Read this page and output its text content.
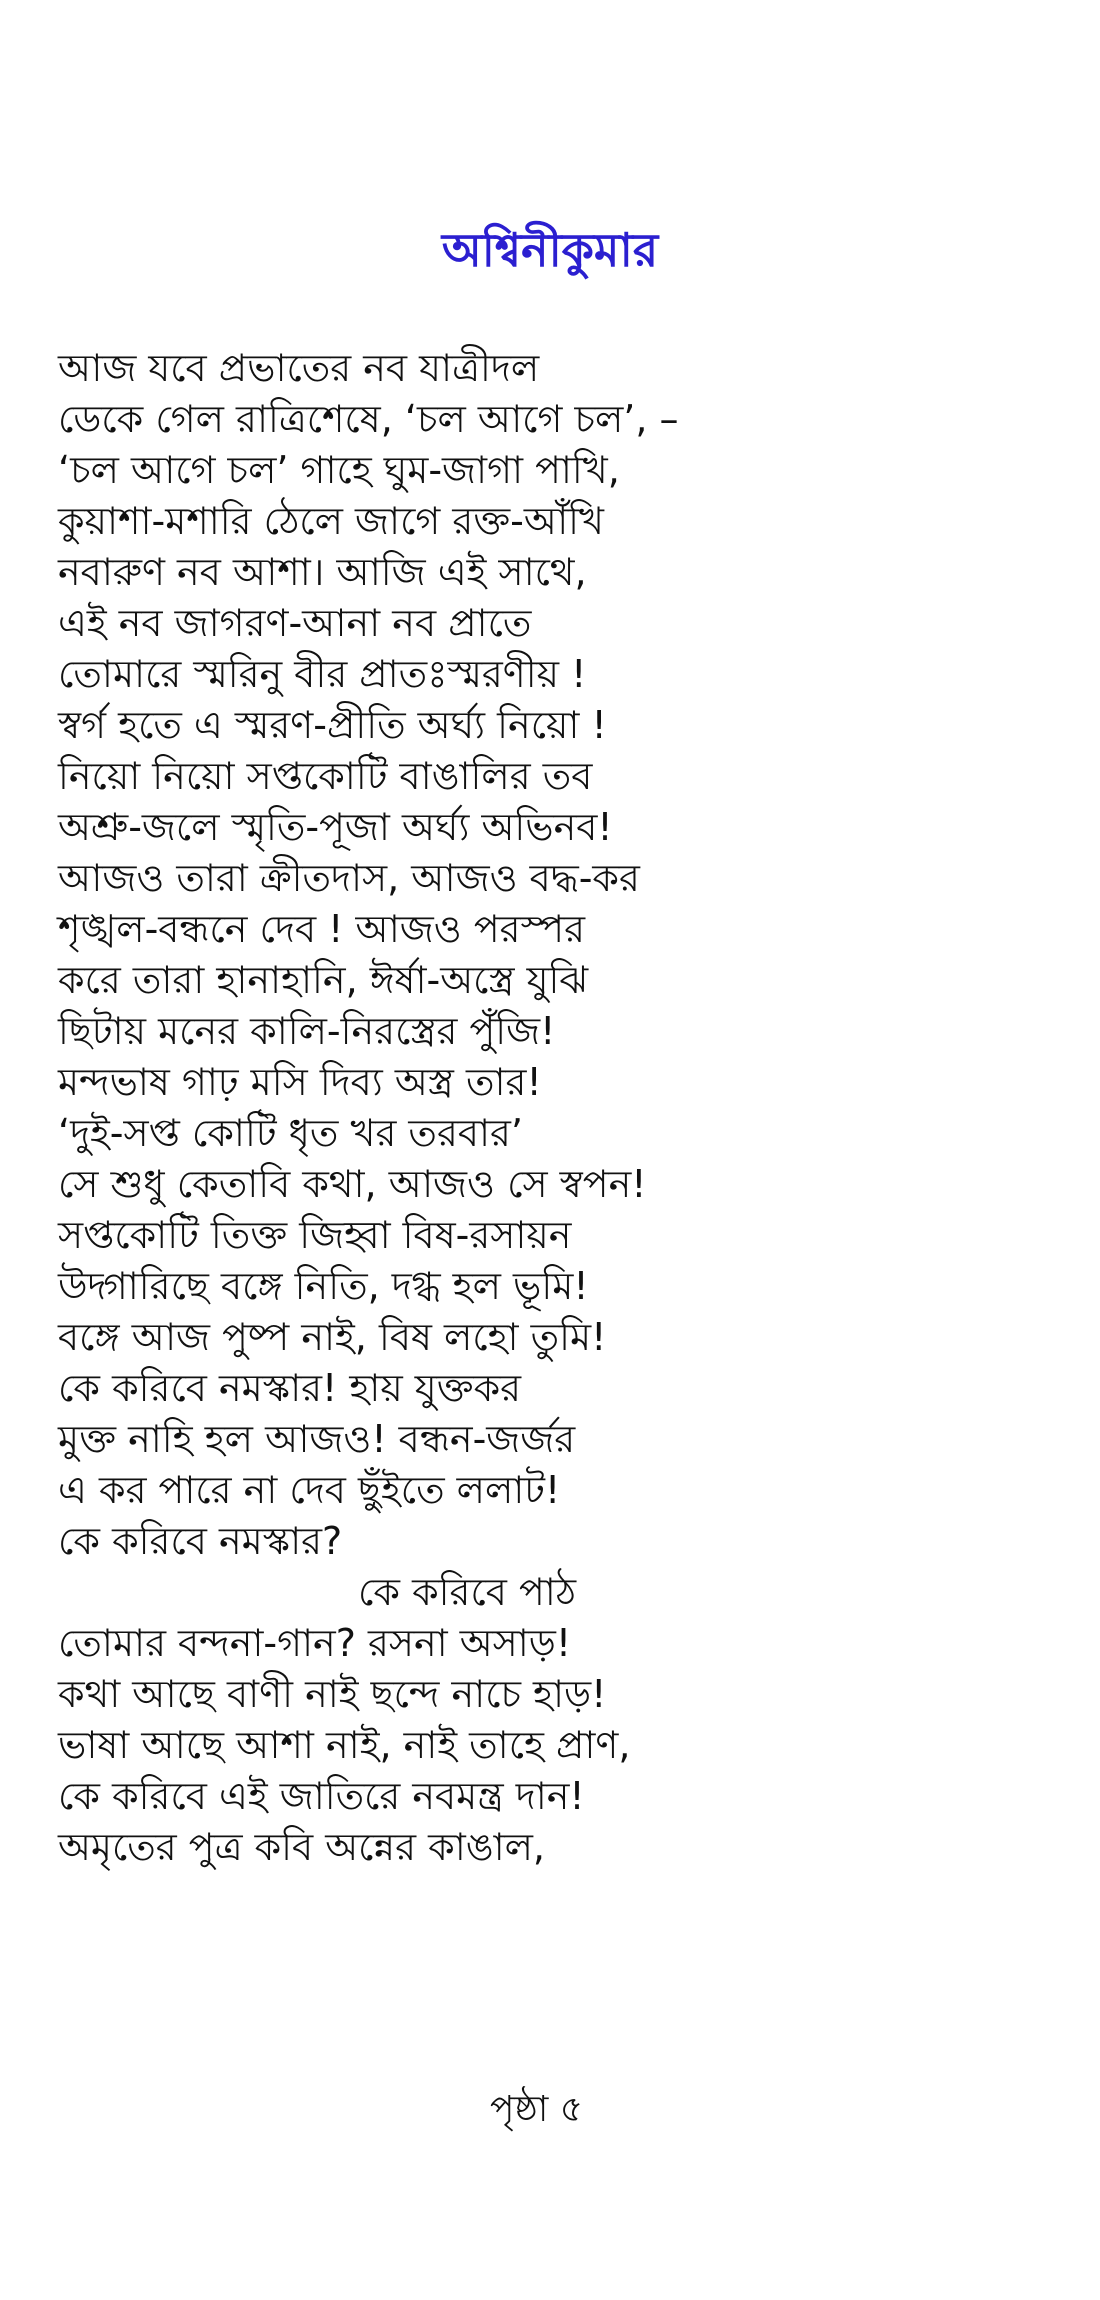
অশ্বিনীকুমার
আজ যবে প্রভাতের নব যাত্রীদল
ডেকে গেল রাত্রিশেষে, ‘চল আগে চল’, –
‘চল আগে চল’ গাহে ঘুম-জাগা পাখি,
কুয়াশা-মশারি ঠেলে জাগে রক্ত-আঁখি
নবারুণ নব আশা। আজি এই সাথে,
এই নব জাগরণ-আনা নব প্রাতে
তোমারে স্মরিনু বীর প্রাতঃস্মরণীয় !
স্বর্গ হতে এ স্মরণ-প্রীতি অর্ঘ্য নিয়ো !
নিয়ো নিয়ো সপ্তকোটি বাঙালির তব
অশ্রু-জলে স্মৃতি-পূজা অর্ঘ্য অভিনব!
আজও তারা ক্রীতদাস, আজও বদ্ধ-কর
শৃঙ্খল-বন্ধনে দেব ! আজও পরস্পর
করে তারা হানাহানি, ঈর্ষা-অস্ত্রে যুঝি
ছিটায় মনের কালি-নিরস্ত্রের পুঁজি!
মন্দভাষ গাঢ় মসি দিব্য অস্ত্র তার!
‘দুই-সপ্ত কোটি ধৃত খর তরবার’
সে শুধু কেতাবি কথা, আজও সে স্বপন!
সপ্তকোটি তিক্ত জিহ্বা বিষ-রসায়ন
উদ্গারিছে বঙ্গে নিতি, দগ্ধ হল ভূমি!
বঙ্গে আজ পুষ্প নাই, বিষ লহো তুমি!
কে করিবে নমস্কার! হায় যুক্তকর
মুক্ত নাহি হল আজও! বন্ধন-জর্জর
এ কর পারে না দেব ছুঁইতে ললাট!
কে করিবে নমস্কার?
কে করিবে পাঠ
তোমার বন্দনা-গান? রসনা অসাড়!
কথা আছে বাণী নাই ছন্দে নাচে হাড়!
ভাষা আছে আশা নাই, নাই তাহে প্রাণ,
কে করিবে এই জাতিরে নবমন্ত্র দান!
অমৃতের পুত্র কবি অন্নের কাঙাল,
পৃষ্ঠা ৫
